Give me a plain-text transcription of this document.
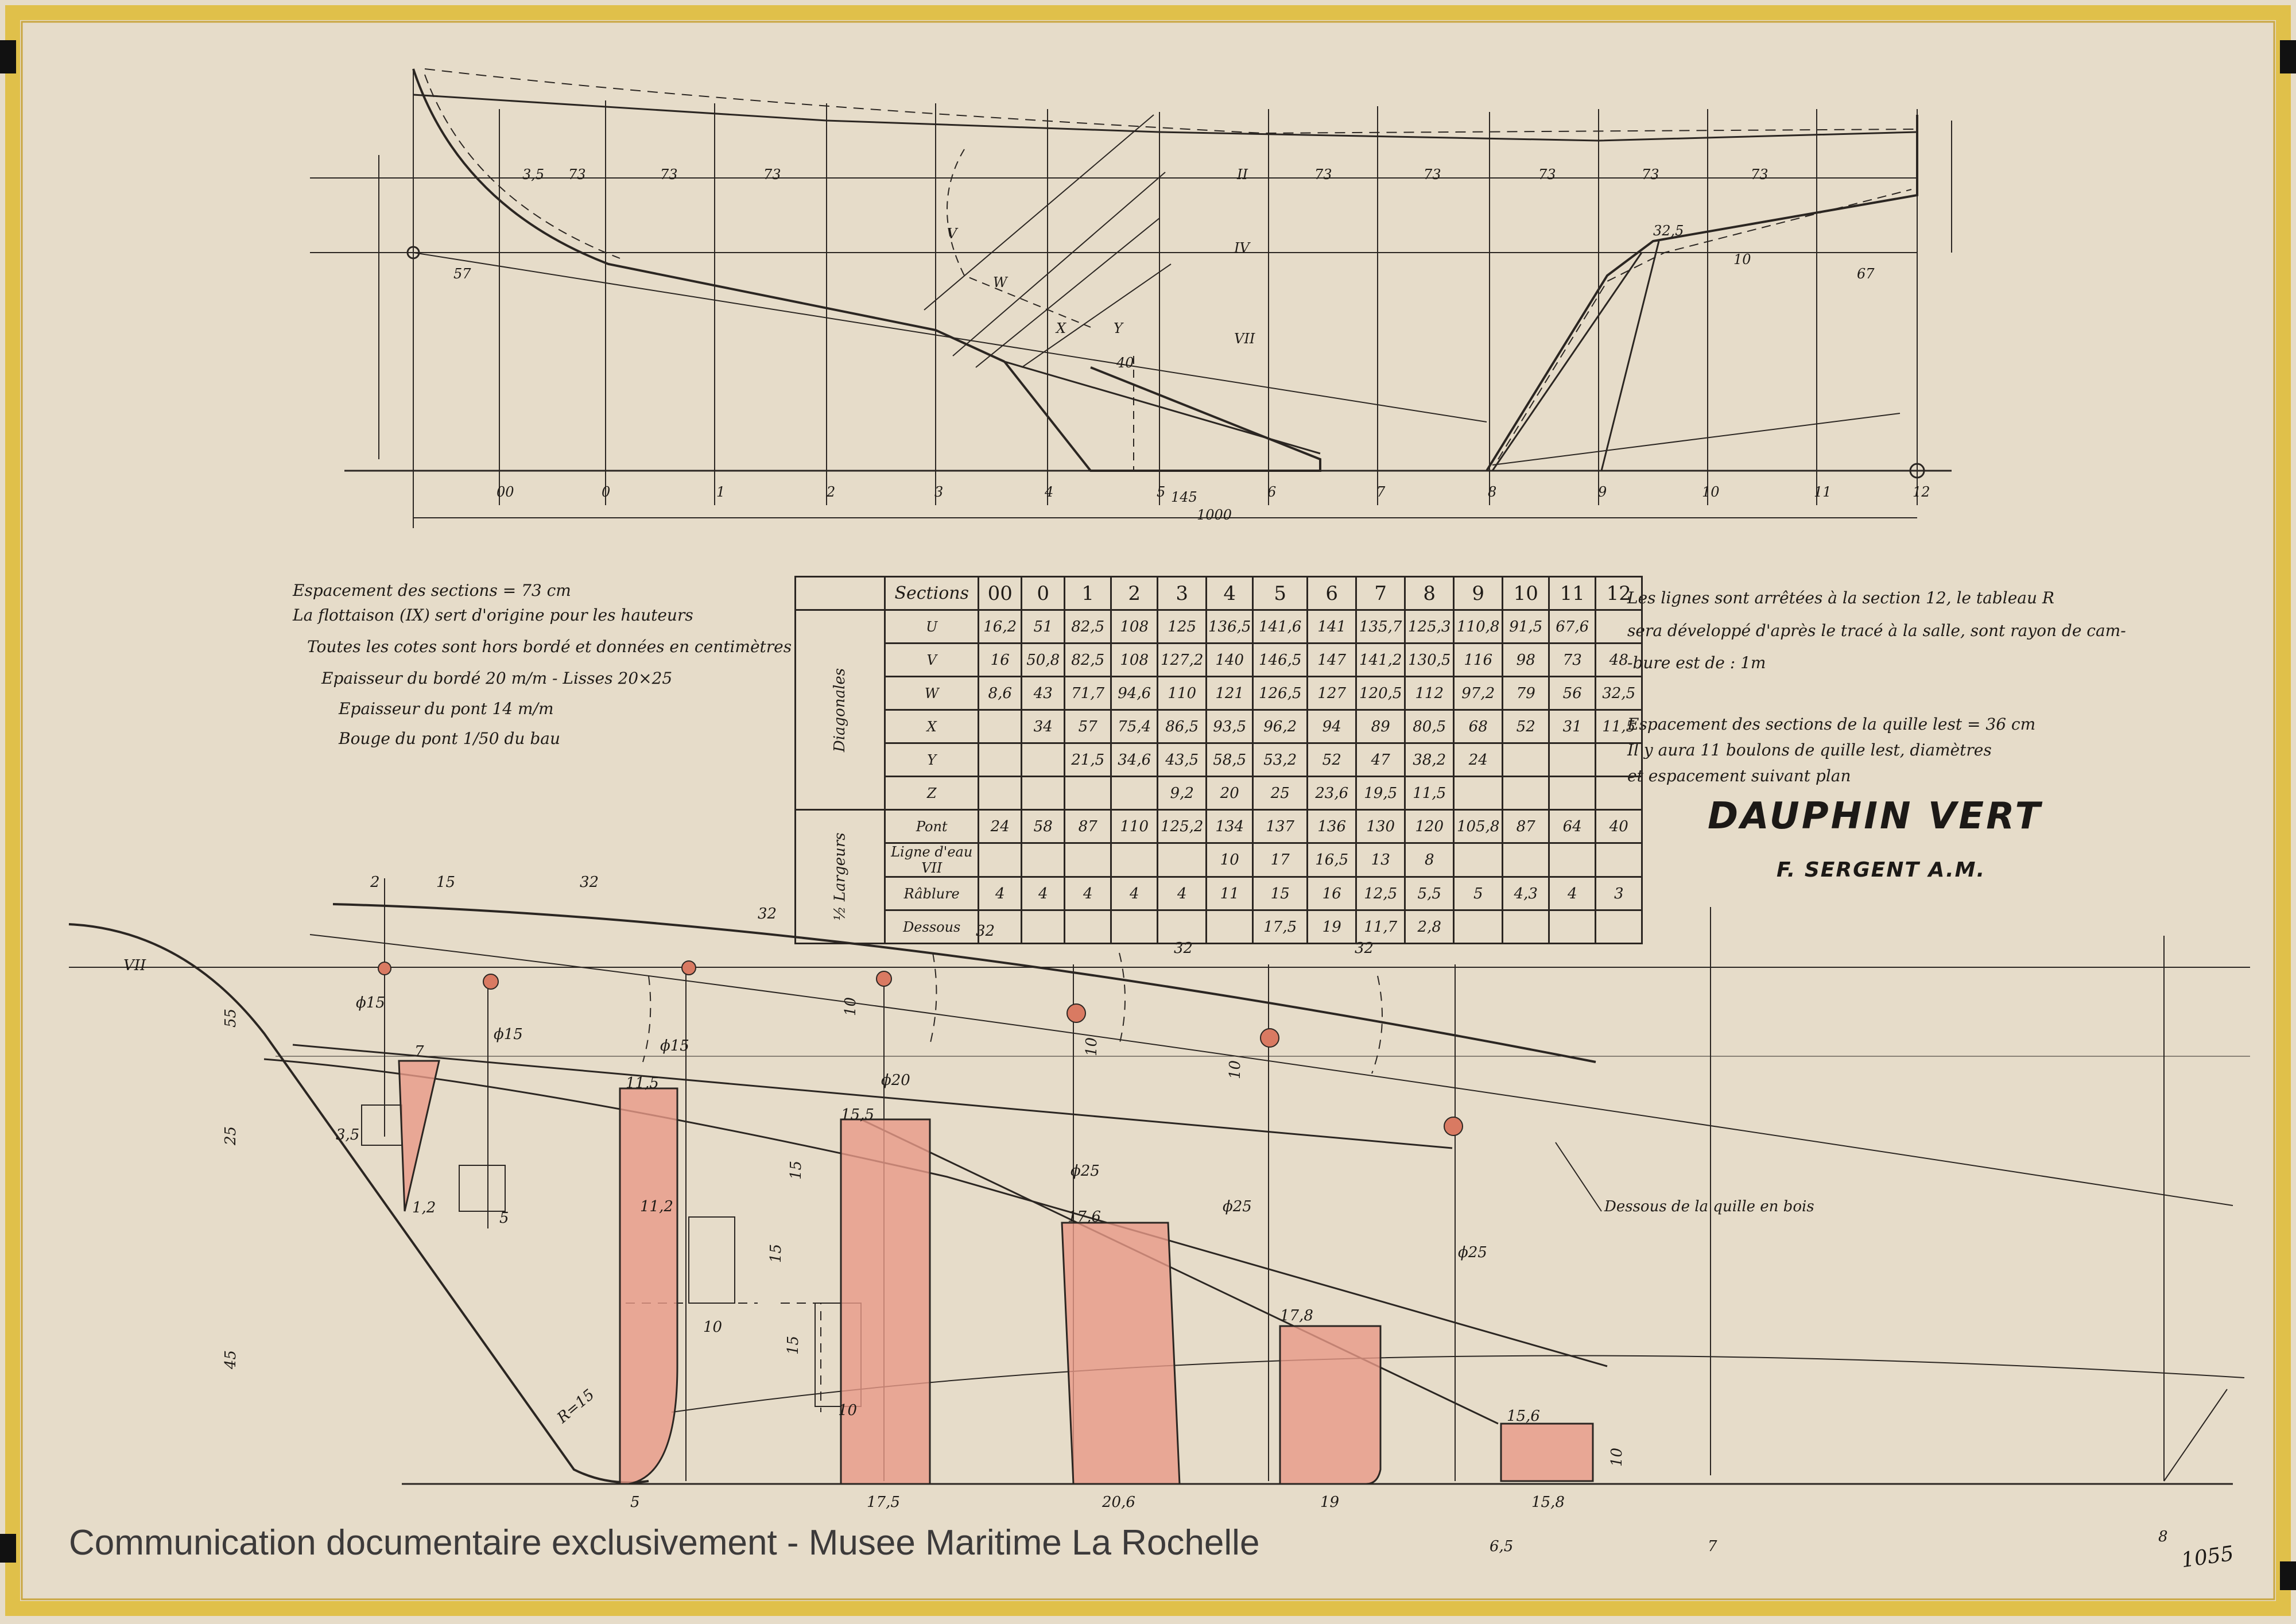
00	0	1	2	3	4	5	6	7	8	9	10	11	12
1000
145
57	67
10
32,5
40
3,5 73	73	73	73	73	73	73	73
II
IV
VII
V
W
Y
X
VII
32
32
32	32
15	32
2
ϕ15
ϕ15
ϕ15
ϕ20
ϕ25
ϕ25
ϕ25
7
11,5
15,5
17,6
17,8
15,6
1,2	11,2
5	17,5	20,6	19	15,8
R=15
Dessous de la quille en bois
6,5	7
8
10
10
5
3,5
55
25
45
15
15
15
10
10
10
10
Espacement des sections = 73 cm
La flottaison (IX) sert d'origine pour les hauteurs
Toutes les cotes sont hors bordé et données en centimètres
Epaisseur du bordé 20 m/m - Lisses 20×25
Epaisseur du pont 14 m/m
Bouge du pont 1/50 du bau
Les lignes sont arrêtées à la section 12, le tableau R
sera développé d'après le tracé à la salle, sont rayon de cam-
-bure est de : 1m
Espacement des sections de la quille lest = 36 cm
Il y aura 11 boulons de quille lest, diamètres
et espacement suivant plan
	Sections	00	0	1	2	3	4	5	6	7	8	9	10	11	12
Diagonales	U	16,2	51	82,5	108	125	136,5	141,6	141	135,7	125,3	110,8	91,5	67,6	
	V	16	50,8	82,5	108	127,2	140	146,5	147	141,2	130,5	116	98	73	48
	W	8,6	43	71,7	94,6	110	121	126,5	127	120,5	112	97,2	79	56	32,5
	X		34	57	75,4	86,5	93,5	96,2	94	89	80,5	68	52	31	11,5
	Y			21,5	34,6	43,5	58,5	53,2	52	47	38,2	24			
	Z					9,2	20	25	23,6	19,5	11,5				
½ Largeurs	Pont	24	58	87	110	125,2	134	137	136	130	120	105,8	87	64	40
	Ligne d'eau VII						10	17	16,5	13	8				
	Râblure	4	4	4	4	4	11	15	16	12,5	5,5	5	4,3	4	3
	Dessous							17,5	19	11,7	2,8				
DAUPHIN VERT
F. SERGENT A.M.
Communication documentaire exclusivement - Musee Maritime La Rochelle	1055
